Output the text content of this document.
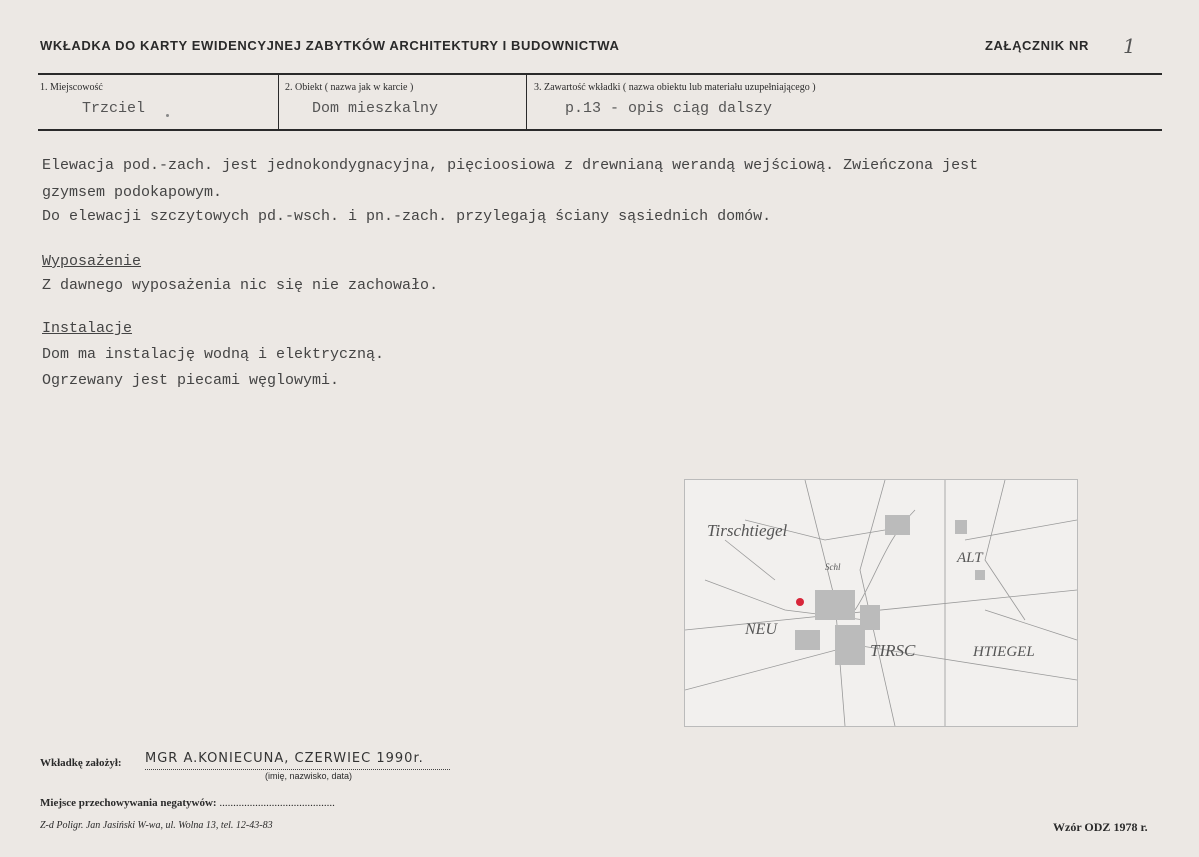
WKŁADKA DO KARTY EWIDENCYJNEJ ZABYTKÓW ARCHITEKTURY I BUDOWNICTWA	ZAŁĄCZNIK NR 1
1. Miejscowość
Trzciel
2. Obiekt ( nazwa jak w karcie )
Dom mieszkalny
3. Zawartość wkładki ( nazwa obiektu lub materiału uzupełniającego )
p.13 - opis ciąg dalszy
Elewacja pod.-zach. jest jednokondygnacyjna, pięcioosiowa z drewnianą werandą wejściową. Zwieńczona jest
gzymsem podokapowym.
Do elewacji szczytowych pd.-wsch. i pn.-zach. przylegają ściany sąsiednich domów.
Wyposażenie
Z dawnego wyposażenia nic się nie zachowało.
Instalacje
Dom ma instalację wodną i elektryczną.
Ogrzewany jest piecami węglowymi.
Tirschtiegel
ALT
NEU
TIRSC	HTIEGEL
Schl
Wkładkę założył: MGR A.KONIECUNA, CZERWIEC 1990r.
(imię, nazwisko, data)
Miejsce przechowywania negatywów: ..........................................
Z-d Poligr. Jan Jasiński W-wa, ul. Wolna 13, tel. 12-43-83	Wzór ODZ 1978 r.
